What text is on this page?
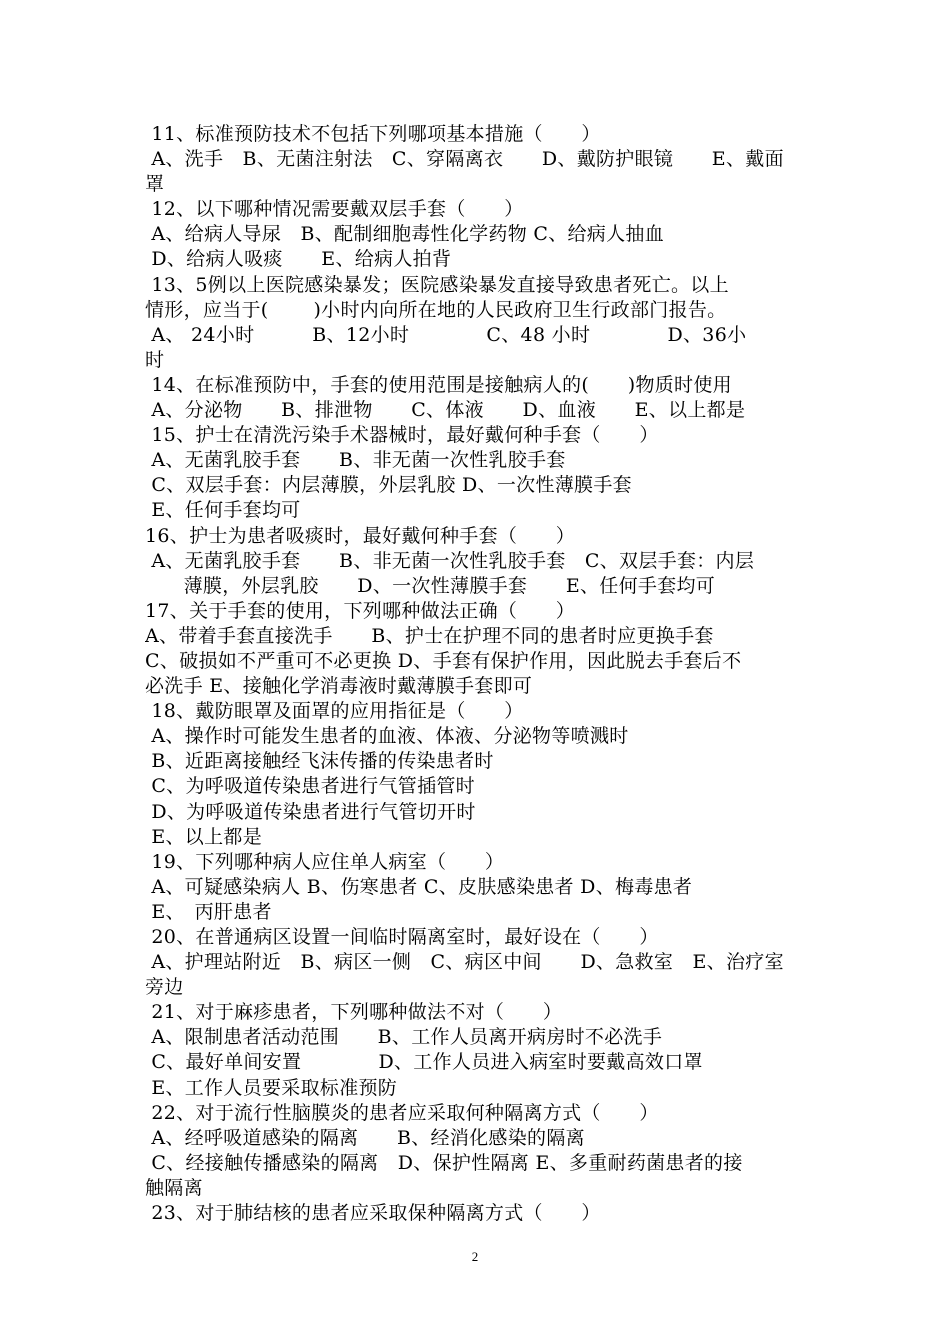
11、标准预防技术不包括下列哪项基本措施（　　）
A、洗手　B、无菌注射法　C、穿隔离衣　　D、戴防护眼镜　　E、戴面
罩
12、以下哪种情况需要戴双层手套（　　）
A、给病人导尿　B、配制细胞毒性化学药物 C、给病人抽血
D、给病人吸痰　　E、给病人拍背
13、5例以上医院感染暴发；医院感染暴发直接导致患者死亡。以上
情形，应当于(　　 )小时内向所在地的人民政府卫生行政部门报告。
A、 24小时　　　B、12小时　　　　C、48 小时　　　　D、36小
时
14、在标准预防中，手套的使用范围是接触病人的(　　)物质时使用
A、分泌物　　B、排泄物　　C、体液　　D、血液　　E、以上都是
15、护士在清洗污染手术器械时，最好戴何种手套（　　）
A、无菌乳胶手套　　B、非无菌一次性乳胶手套
C、双层手套：内层薄膜，外层乳胶 D、一次性薄膜手套
E、任何手套均可
16、护士为患者吸痰时，最好戴何种手套（　　）
A、无菌乳胶手套　　B、非无菌一次性乳胶手套　C、双层手套：内层
　　薄膜，外层乳胶　　D、一次性薄膜手套　　E、任何手套均可
17、关于手套的使用，下列哪种做法正确（　　）
A、带着手套直接洗手　　B、护士在护理不同的患者时应更换手套
C、破损如不严重可不必更换 D、手套有保护作用，因此脱去手套后不
必洗手 E、接触化学消毒液时戴薄膜手套即可
18、戴防眼罩及面罩的应用指征是（　　）
A、操作时可能发生患者的血液、体液、分泌物等喷溅时
B、近距离接触经飞沫传播的传染患者时
C、为呼吸道传染患者进行气管插管时
D、为呼吸道传染患者进行气管切开时
E、以上都是
19、下列哪种病人应住单人病室（　　）
A、可疑感染病人 B、伤寒患者 C、皮肤感染患者 D、梅毒患者
E、　丙肝患者
20、在普通病区设置一间临时隔离室时，最好设在（　　）
A、护理站附近　B、病区一侧　C、病区中间　　D、急救室　E、治疗室
旁边
21、对于麻疹患者，下列哪种做法不对（　　）
A、限制患者活动范围　　B、工作人员离开病房时不必洗手
C、最好单间安置　　　　D、工作人员进入病室时要戴高效口罩
E、工作人员要采取标准预防
22、对于流行性脑膜炎的患者应采取何种隔离方式（　　）
A、经呼吸道感染的隔离　　B、经消化感染的隔离
C、经接触传播感染的隔离　D、保护性隔离 E、多重耐药菌患者的接
触隔离
23、对于肺结核的患者应采取保种隔离方式（　　）
2
